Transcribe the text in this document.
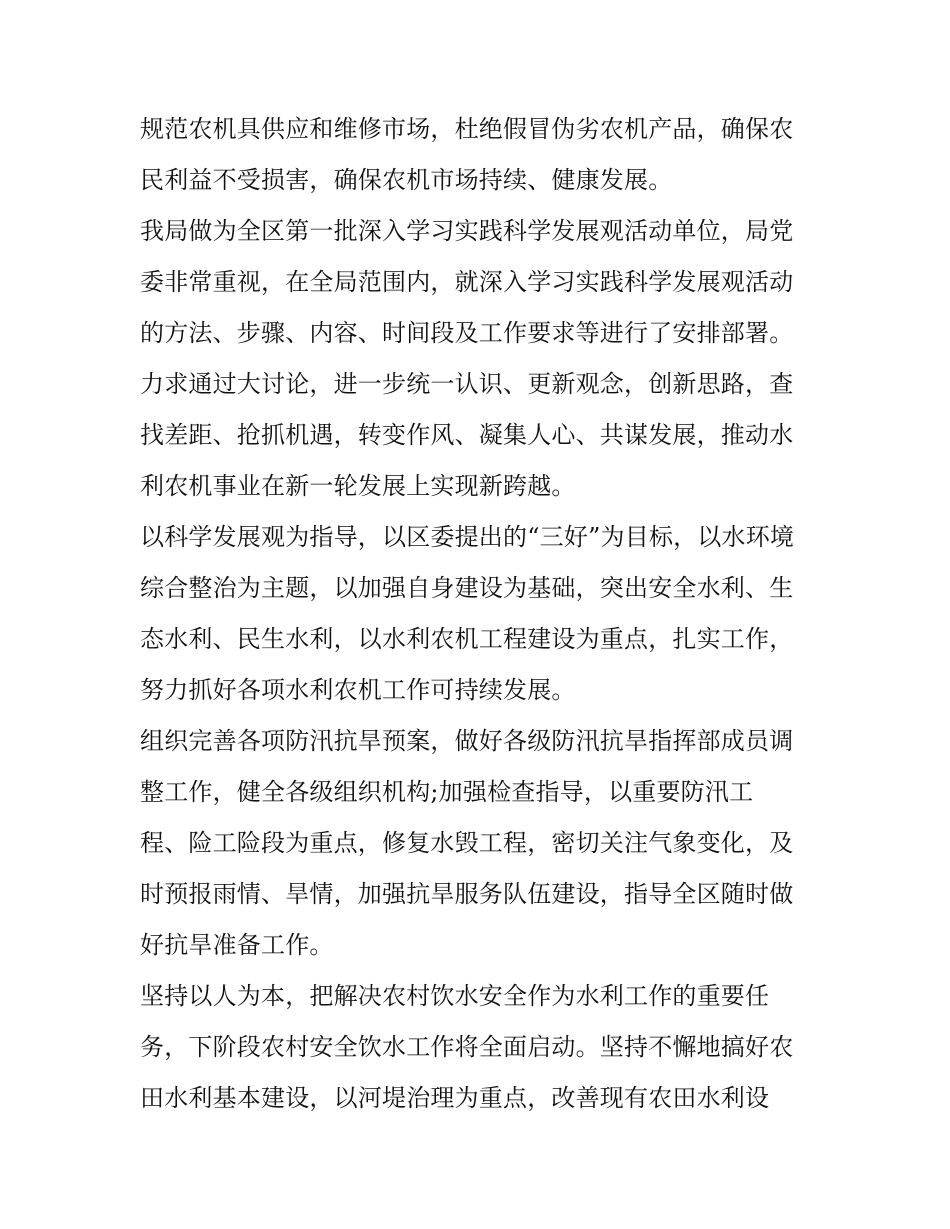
规范农机具供应和维修市场，杜绝假冒伪劣农机产品，确保农
民利益不受损害，确保农机市场持续、健康发展。
我局做为全区第一批深入学习实践科学发展观活动单位，局党
委非常重视，在全局范围内，就深入学习实践科学发展观活动
的方法、步骤、内容、时间段及工作要求等进行了安排部署。
力求通过大讨论，进一步统一认识、更新观念，创新思路，查
找差距、抢抓机遇，转变作风、凝集人心、共谋发展，推动水
利农机事业在新一轮发展上实现新跨越。
以科学发展观为指导，以区委提出的“三好”为目标，以水环境
综合整治为主题，以加强自身建设为基础，突出安全水利、生
态水利、民生水利，以水利农机工程建设为重点，扎实工作，
努力抓好各项水利农机工作可持续发展。
组织完善各项防汛抗旱预案，做好各级防汛抗旱指挥部成员调
整工作，健全各级组织机构;加强检查指导，以重要防汛工
程、险工险段为重点，修复水毁工程，密切关注气象变化，及
时预报雨情、旱情，加强抗旱服务队伍建设，指导全区随时做
好抗旱准备工作。
坚持以人为本，把解决农村饮水安全作为水利工作的重要任
务，下阶段农村安全饮水工作将全面启动。坚持不懈地搞好农
田水利基本建设，以河堤治理为重点，改善现有农田水利设
